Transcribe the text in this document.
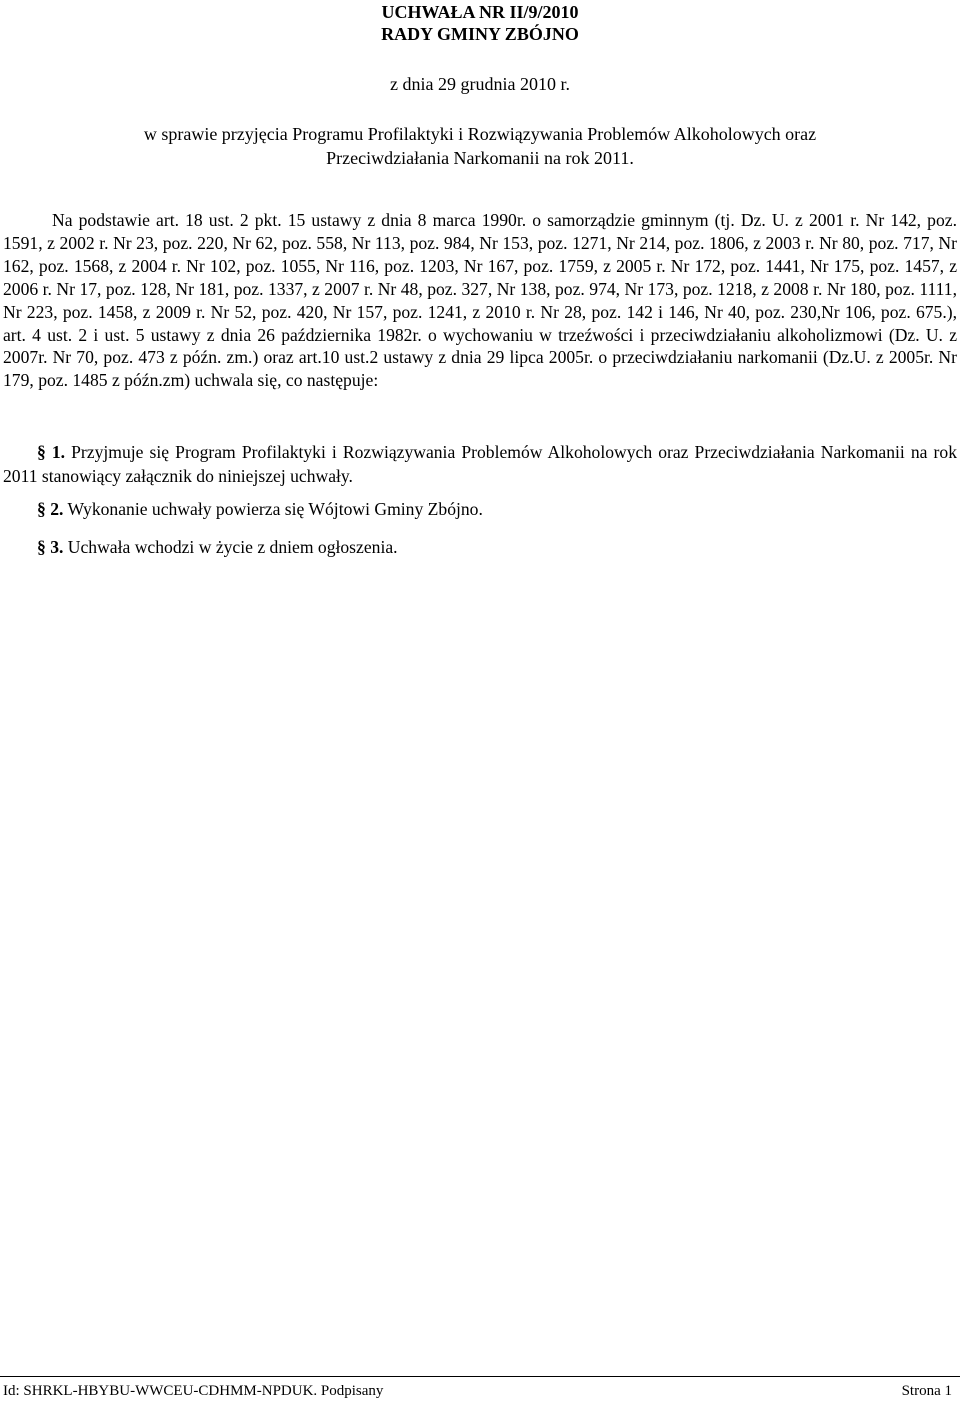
UCHWAŁA NR II/9/2010
RADY GMINY ZBÓJNO
z dnia 29 grudnia 2010 r.
w sprawie przyjęcia Programu Profilaktyki i Rozwiązywania Problemów Alkoholowych oraz
Przeciwdziałania Narkomanii na rok 2011.
Na podstawie art. 18 ust. 2 pkt. 15 ustawy z dnia 8 marca 1990r. o samorządzie gminnym (tj. Dz. U. z 2001 r. Nr 142, poz. 1591, z 2002 r. Nr 23, poz. 220, Nr 62, poz. 558, Nr 113, poz. 984, Nr 153, poz. 1271, Nr 214, poz. 1806, z 2003 r. Nr 80, poz. 717, Nr 162, poz. 1568, z 2004 r. Nr 102, poz. 1055, Nr 116, poz. 1203, Nr 167, poz. 1759, z 2005 r. Nr 172, poz. 1441, Nr 175, poz. 1457, z 2006 r. Nr 17, poz. 128, Nr 181, poz. 1337, z 2007 r. Nr 48, poz. 327, Nr 138, poz. 974, Nr 173, poz. 1218, z 2008 r. Nr 180, poz. 1111, Nr 223, poz. 1458, z 2009 r. Nr 52, poz. 420, Nr 157, poz. 1241, z 2010 r. Nr 28, poz. 142 i 146, Nr 40, poz. 230,Nr 106, poz. 675.), art. 4 ust. 2 i ust. 5 ustawy z dnia 26 października 1982r. o wychowaniu w trzeźwości i przeciwdziałaniu alkoholizmowi (Dz. U. z 2007r. Nr 70, poz. 473 z późn. zm.) oraz art.10 ust.2 ustawy z dnia 29 lipca 2005r. o przeciwdziałaniu narkomanii (Dz.U. z 2005r. Nr 179, poz. 1485 z późn.zm) uchwala się, co następuje:
§ 1. Przyjmuje się Program Profilaktyki i Rozwiązywania Problemów Alkoholowych oraz Przeciwdziałania Narkomanii na rok 2011 stanowiący załącznik do niniejszej uchwały.
§ 2. Wykonanie uchwały powierza się Wójtowi Gminy Zbójno.
§ 3. Uchwała wchodzi w życie z dniem ogłoszenia.
Id: SHRKL-HBYBU-WWCEU-CDHMM-NPDUK. Podpisany	Strona 1
